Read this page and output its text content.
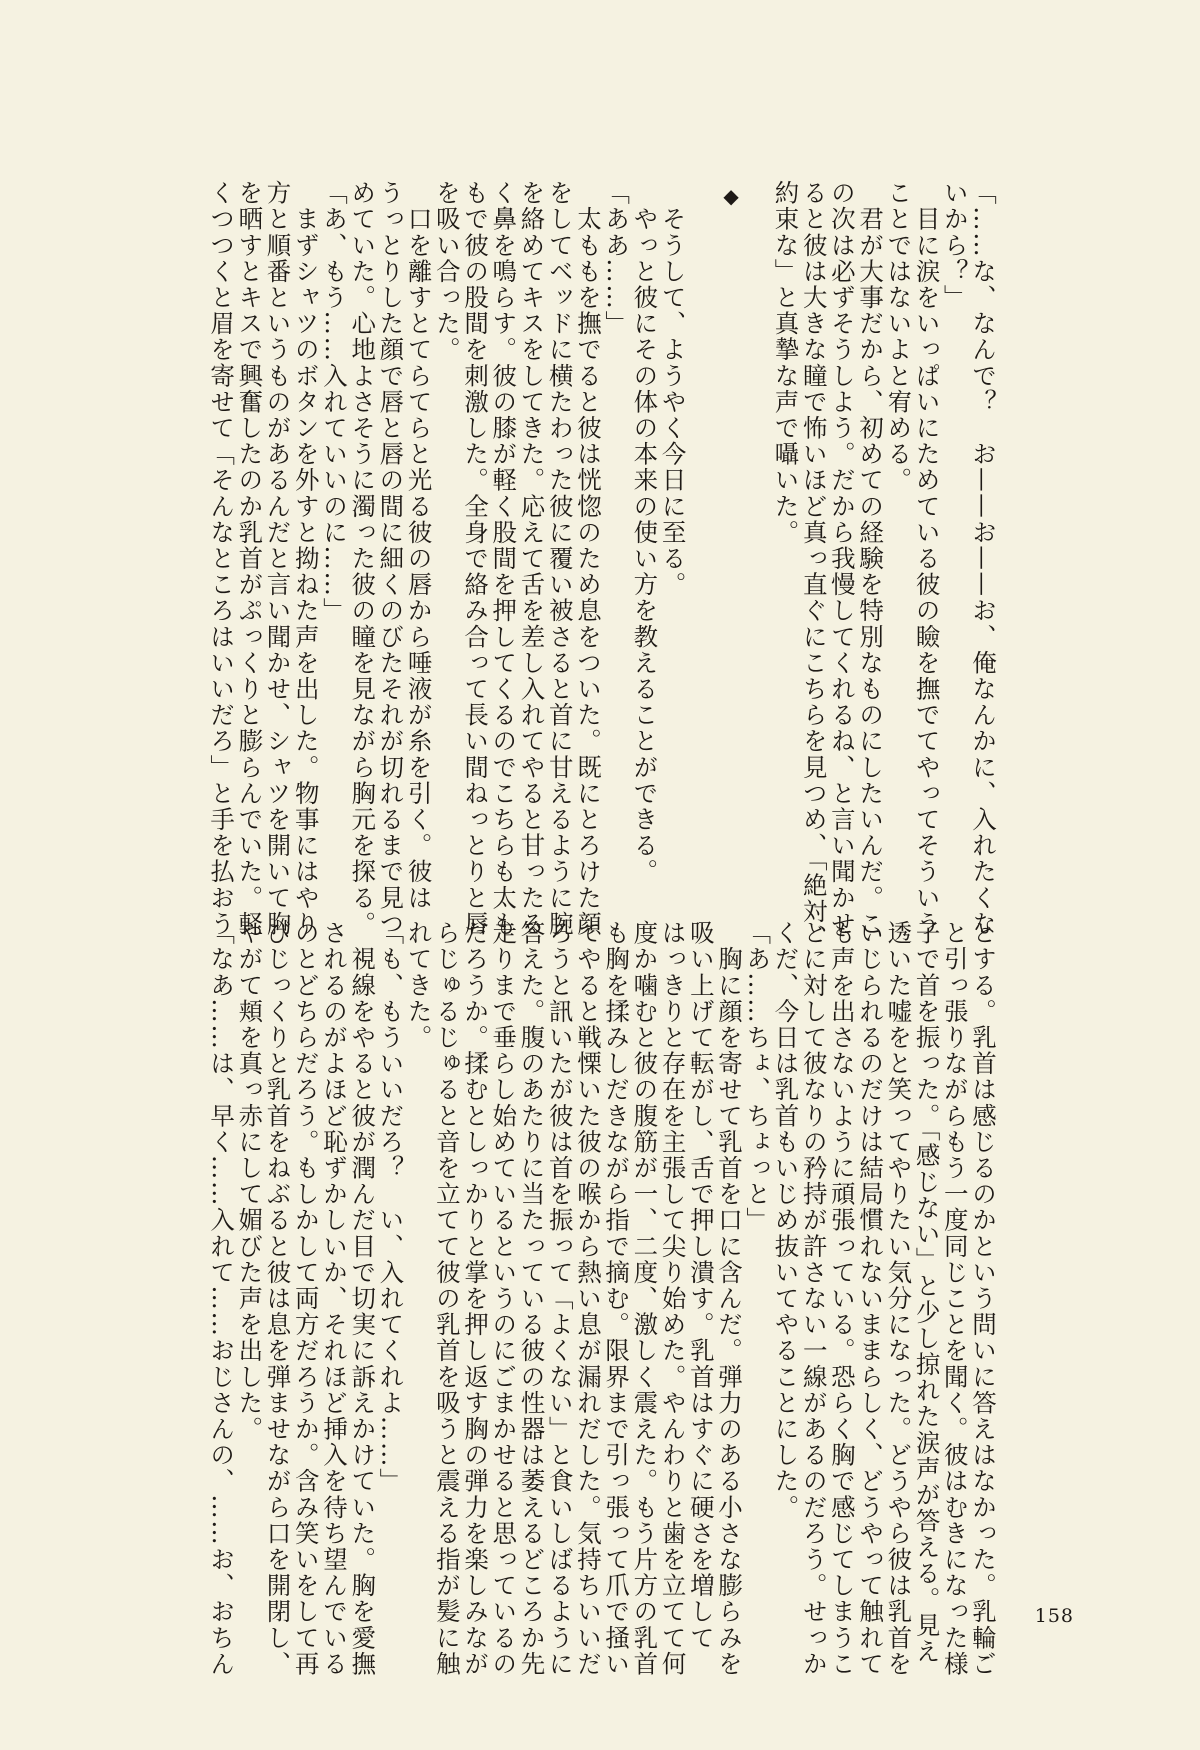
「……な、なんで？　お——お——お、俺なんかに、入れたくな
いから？」
　目に涙をいっぱいにためている彼の瞼を撫でてやってそういう
ことではないよと宥める。
　君が大事だから、初めての経験を特別なものにしたいんだ。こ
の次は必ずそうしよう。だから我慢してくれるね、と言い聞かせ
ると彼は大きな瞳で怖いほど真っ直ぐにこちらを見つめ、「絶対、
約束な」と真摯な声で囁いた。
◆
　そうして、ようやく今日に至る。
　やっと彼にその体の本来の使い方を教えることができる。
「ああ……」
　太ももを撫でると彼は恍惚のため息をついた。既にとろけた顔
をしてベッドに横たわった彼に覆い被さると首に甘えるように腕
を絡めてキスをしてきた。応えて舌を差し入れてやると甘ったる
く鼻を鳴らす。彼の膝が軽く股間を押してくるのでこちらも太も
もで彼の股間を刺激した。全身で絡み合って長い間ねっとりと唇
を吸い合った。
　口を離すとてらてらと光る彼の唇から唾液が糸を引く。彼は
うっとりした顔で唇と唇の間に細くのびたそれが切れるまで見つ
めていた。心地よさそうに濁った彼の瞳を見ながら胸元を探る。
「あ、もう……入れていいのに……」
　まずシャツのボタンを外すと拗ねた声を出した。物事にはやり
方と順番というものがあるんだと言い聞かせ、シャツを開いて胸
を晒すとキスで興奮したのか乳首がぷっくりと膨らんでいた。軽
くつつくと眉を寄せて「そんなところはいいだろ」と手を払おう
とする。乳首は感じるのかという問いに答えはなかった。乳輪ご
と引っ張りながらもう一度同じことを聞く。彼はむきになった様
子で首を振った。「感じない」と少し掠れた涙声が答える。見え
透いた嘘をと笑ってやりたい気分になった。どうやら彼は乳首を
いじられるのだけは結局慣れないままらしく、どうやって触れて
も声を出さないように頑張っている。恐らく胸で感じてしまうこ
とに対して彼なりの矜持が許さない一線があるのだろう。せっか
くだ、今日は乳首もいじめ抜いてやることにした。
「あ……ちょ、ちょっと」
　胸に顔を寄せて乳首を口に含んだ。弾力のある小さな膨らみを
吸い上げて転がし、舌で押し潰す。乳首はすぐに硬さを増して
はっきりと存在を主張して尖り始めた。やんわりと歯を立てて何
度か噛むと彼の腹筋が一、二度、激しく震えた。もう片方の乳首
も胸を揉みしだきながら指で摘む。限界まで引っ張って爪で掻い
てやると戦慄いた彼の喉から熱い息が漏れだした。気持ちいいだ
ろうと訊いたが彼は首を振って「よくない」と食いしばるように
答えた。腹のあたりに当たっている彼の性器は萎えるどころか先
走りまで垂らし始めているというのにごまかせると思っているの
だろうか。揉むとしっかりと掌を押し返す胸の弾力を楽しみなが
らじゅるじゅると音を立てて彼の乳首を吸うと震える指が髪に触
れてきた。
「も、もういいだろ？　い、入れてくれよ……」
　視線をやると彼が潤んだ目で切実に訴えかけていた。胸を愛撫
されるのがよほど恥ずかしいか、それほど挿入を待ち望んでいる
のとどちらだろう。もしかして両方だろうか。含み笑いをして再
びじっくりと乳首をねぶると彼は息を弾ませながら口を開閉し、
やがて頬を真っ赤にして媚びた声を出した。
「なあ……は、早く……入れて……おじさんの、……お、おちん	158
